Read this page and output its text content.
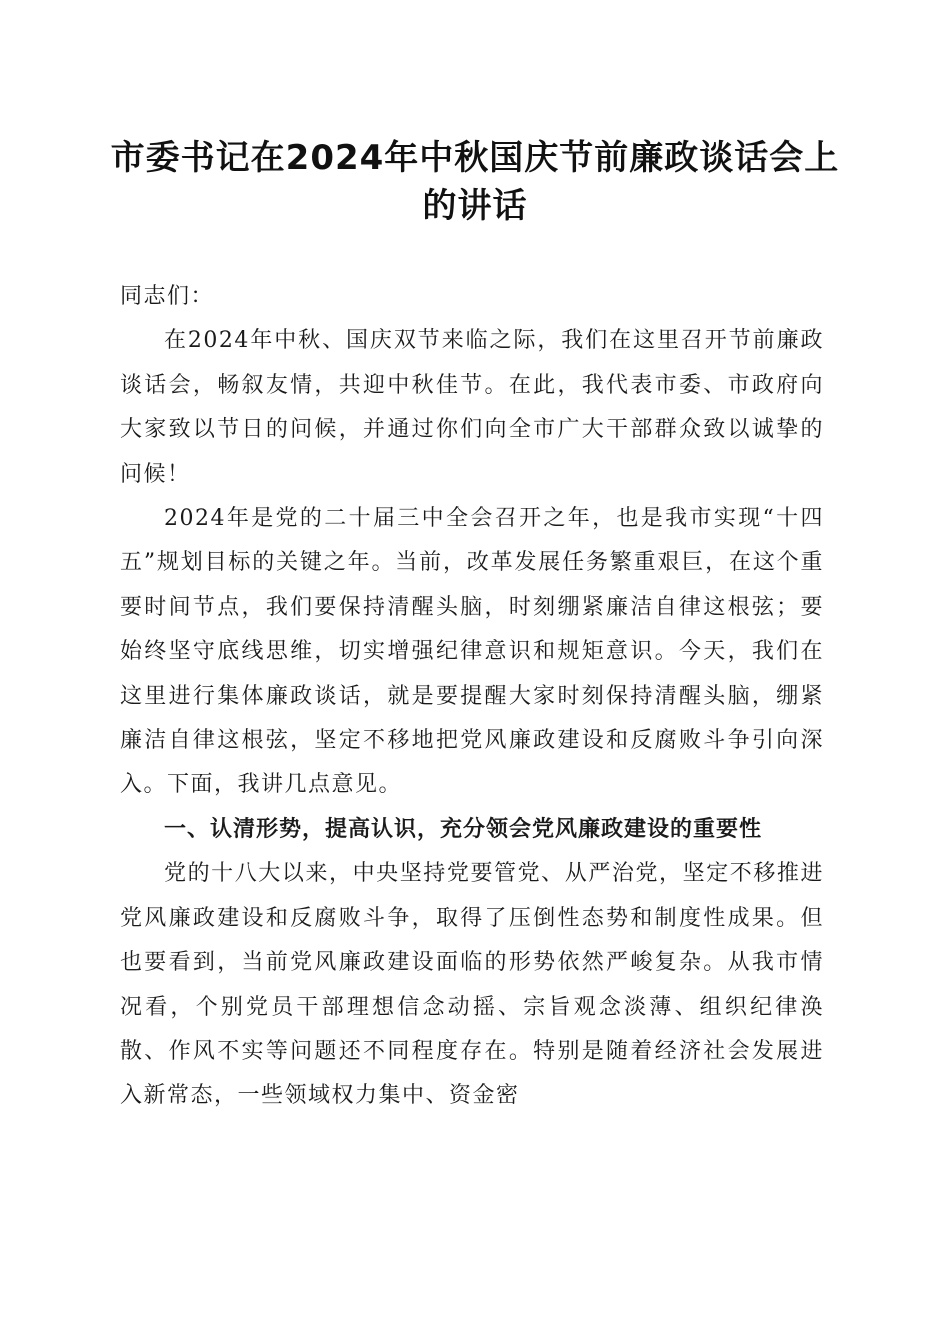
市委书记在2024年中秋国庆节前廉政谈话会上的讲话

同志们：

在2024年中秋、国庆双节来临之际，我们在这里召开节前廉政谈话会，畅叙友情，共迎中秋佳节。在此，我代表市委、市政府向大家致以节日的问候，并通过你们向全市广大干部群众致以诚挚的问候！

2024年是党的二十届三中全会召开之年，也是我市实现“十四五”规划目标的关键之年。当前，改革发展任务繁重艰巨，在这个重要时间节点，我们要保持清醒头脑，时刻绷紧廉洁自律这根弦；要始终坚守底线思维，切实增强纪律意识和规矩意识。今天，我们在这里进行集体廉政谈话，就是要提醒大家时刻保持清醒头脑，绷紧廉洁自律这根弦，坚定不移地把党风廉政建设和反腐败斗争引向深入。下面，我讲几点意见。

一、认清形势，提高认识，充分领会党风廉政建设的重要性

党的十八大以来，中央坚持党要管党、从严治党，坚定不移推进党风廉政建设和反腐败斗争，取得了压倒性态势和制度性成果。但也要看到，当前党风廉政建设面临的形势依然严峻复杂。从我市情况看，个别党员干部理想信念动摇、宗旨观念淡薄、组织纪律涣散、作风不实等问题还不同程度存在。特别是随着经济社会发展进入新常态，一些领域权力集中、资金密
